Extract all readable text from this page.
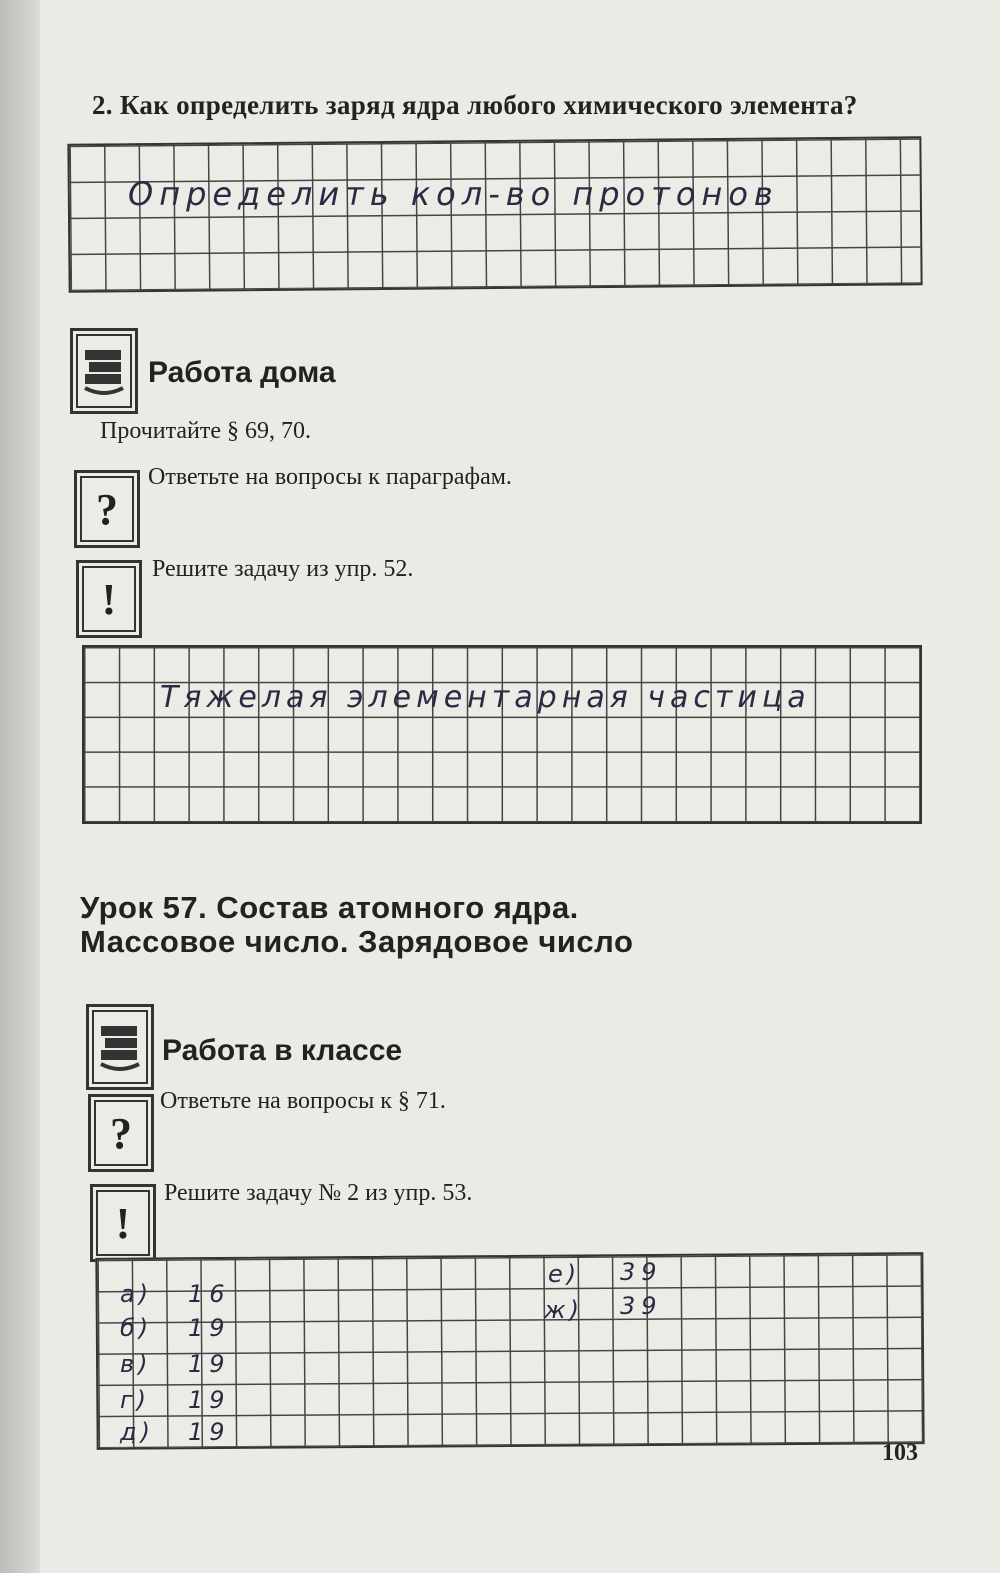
2. Как определить заряд ядра любого химического элемента?
Определить кол-во протонов
Работа дома
Прочитайте § 69, 70.
?
Ответьте на вопросы к параграфам.
!
Решите задачу из упр. 52.
Тяжелая элементарная частица
Урок 57. Состав атомного ядра.
Массовое число. Зарядовое число
Работа в классе
?
Ответьте на вопросы к § 71.
!
Решите задачу № 2 из упр. 53.
а) 16
б) 19
в) 19
г) 19
д) 19
е) 39
ж) 39
103
